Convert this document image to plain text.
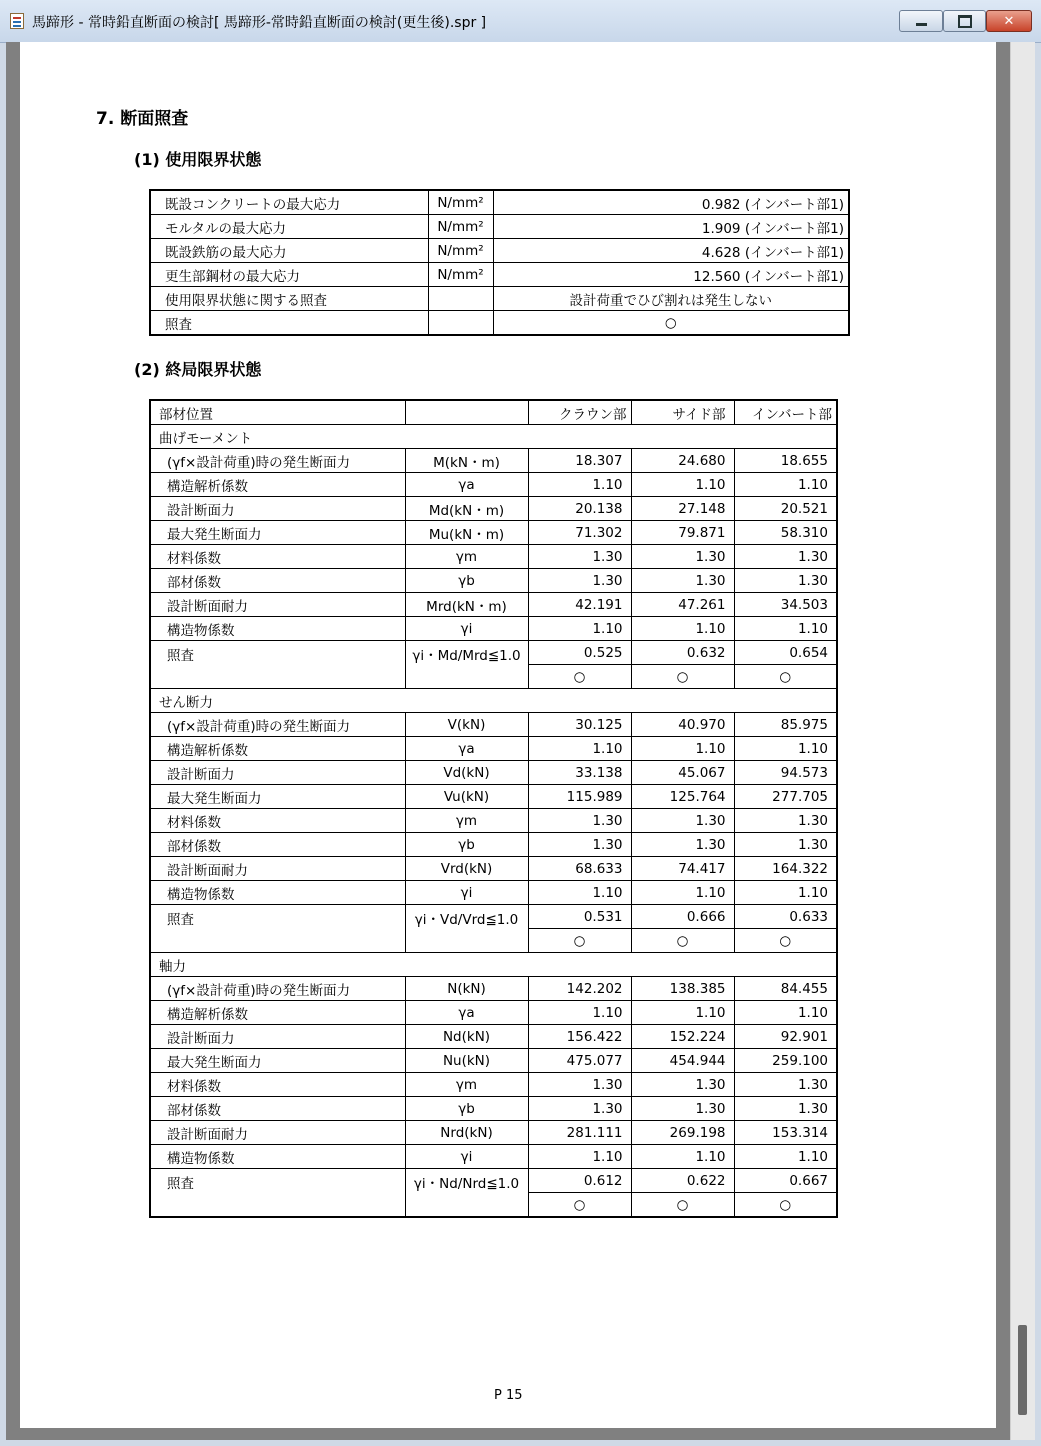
馬蹄形 - 常時鉛直断面の検討[ 馬蹄形-常時鉛直断面の検討(更生後).spr ]	✕
7. 断面照査
(1) 使用限界状態
既設コンクリートの最大応力	N/mm²	0.982 (インバート部1)
モルタルの最大応力	N/mm²	1.909 (インバート部1)
既設鉄筋の最大応力	N/mm²	4.628 (インバート部1)
更生部鋼材の最大応力	N/mm²	12.560 (インバート部1)
使用限界状態に関する照査		設計荷重でひび割れは発生しない
照査		○
(2) 終局限界状態
部材位置		クラウン部	サイド部	インバート部
曲げモーメント				
(γf×設計荷重)時の発生断面力	M(kN・m)	18.307	24.680	18.655
構造解析係数	γa	1.10	1.10	1.10
設計断面力	Md(kN・m)	20.138	27.148	20.521
最大発生断面力	Mu(kN・m)	71.302	79.871	58.310
材料係数	γm	1.30	1.30	1.30
部材係数	γb	1.30	1.30	1.30
設計断面耐力	Mrd(kN・m)	42.191	47.261	34.503
構造物係数	γi	1.10	1.10	1.10
照査	γi・Md/Mrd≦1.0	0.525	0.632	0.654
		○	○	○
せん断力				
(γf×設計荷重)時の発生断面力	V(kN)	30.125	40.970	85.975
構造解析係数	γa	1.10	1.10	1.10
設計断面力	Vd(kN)	33.138	45.067	94.573
最大発生断面力	Vu(kN)	115.989	125.764	277.705
材料係数	γm	1.30	1.30	1.30
部材係数	γb	1.30	1.30	1.30
設計断面耐力	Vrd(kN)	68.633	74.417	164.322
構造物係数	γi	1.10	1.10	1.10
照査	γi・Vd/Vrd≦1.0	0.531	0.666	0.633
		○	○	○
軸力				
(γf×設計荷重)時の発生断面力	N(kN)	142.202	138.385	84.455
構造解析係数	γa	1.10	1.10	1.10
設計断面力	Nd(kN)	156.422	152.224	92.901
最大発生断面力	Nu(kN)	475.077	454.944	259.100
材料係数	γm	1.30	1.30	1.30
部材係数	γb	1.30	1.30	1.30
設計断面耐力	Nrd(kN)	281.111	269.198	153.314
構造物係数	γi	1.10	1.10	1.10
照査	γi・Nd/Nrd≦1.0	0.612	0.622	0.667
		○	○	○
P 15
